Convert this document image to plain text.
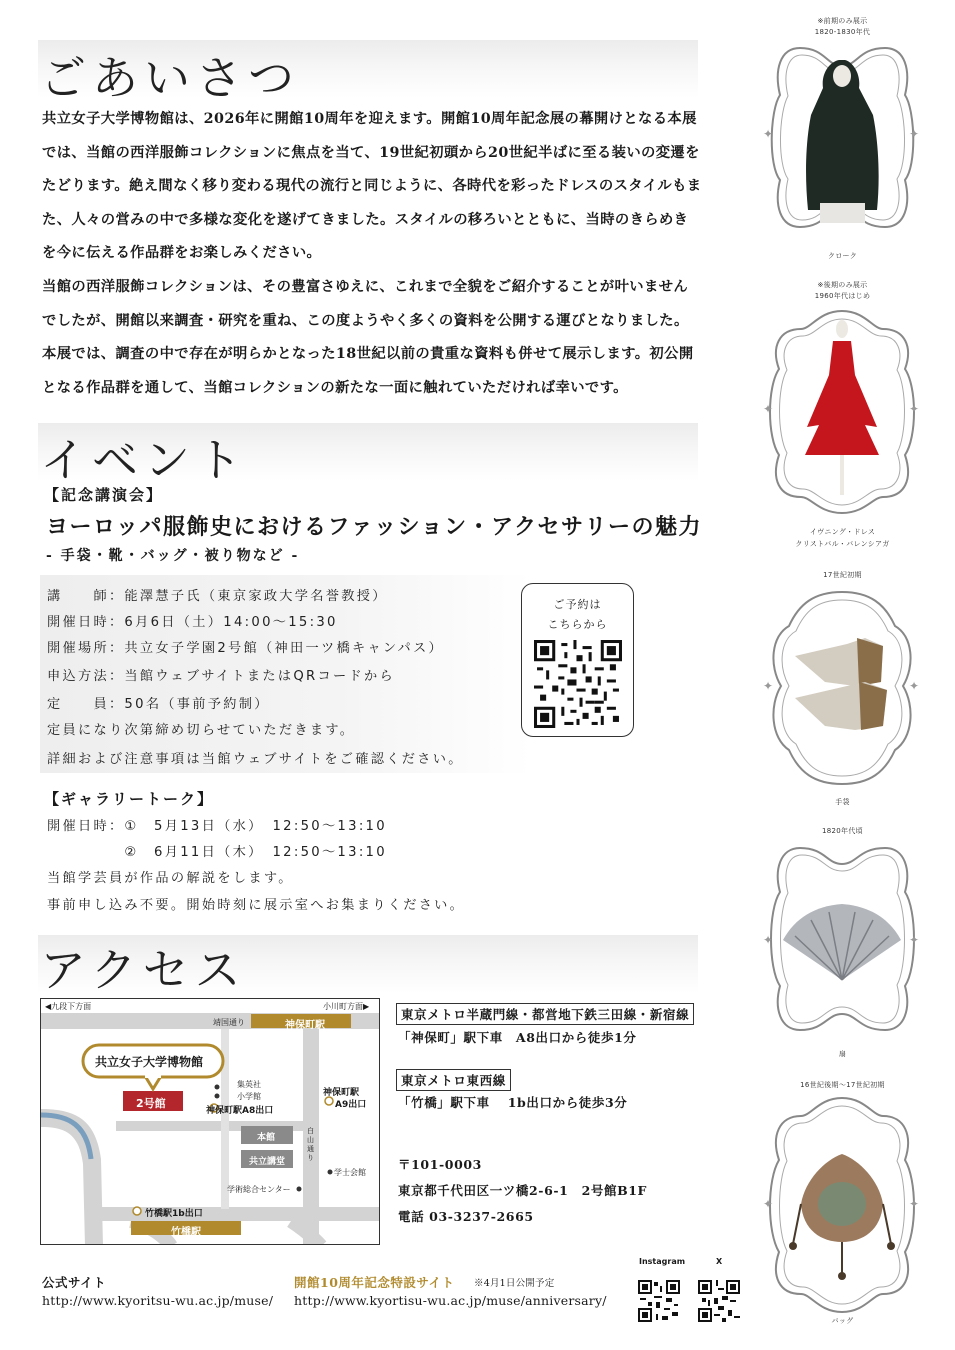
ごあいさつ
共立女子大学博物館は、2026年に開館10周年を迎えます。開館10周年記念展の幕開けとなる本展では、当館の西洋服飾コレクションに焦点を当て、19世紀初頭から20世紀半ばに至る装いの変遷をたどります。絶え間なく移り変わる現代の流行と同じように、各時代を彩ったドレスのスタイルもまた、人々の営みの中で多様な変化を遂げてきました。スタイルの移ろいとともに、当時のきらめきを今に伝える作品群をお楽しみください。
当館の西洋服飾コレクションは、その豊富さゆえに、これまで全貌をご紹介することが叶いませんでしたが、開館以来調査・研究を重ね、この度ようやく多くの資料を公開する運びとなりました。本展では、調査の中で存在が明らかとなった18世紀以前の貴重な資料も併せて展示します。初公開となる作品群を通して、当館コレクションの新たな一面に触れていただければ幸いです。
イベント
【記念講演会】
ヨーロッパ服飾史におけるファッション・アクセサリーの魅力
- 手袋・靴・バッグ・被り物など -
講　　師：能澤慧子氏（東京家政大学名誉教授）
開催日時：6月6日（土）14:00〜15:30
開催場所：共立女子学園2号館（神田一ツ橋キャンパス）
申込方法：当館ウェブサイトまたはQRコードから
定　　員：50名（事前予約制）
定員になり次第締め切らせていただきます。
詳細および注意事項は当館ウェブサイトをご確認ください。
ご予約は
こちらから
【ギャラリートーク】
開催日時：①　5月13日（水）　12:50〜13:10
　　　　　②　6月11日（木）　12:50〜13:10
当館学芸員が作品の解説をします。
事前申し込み不要。開始時刻に展示室へお集まりください。
アクセス
◀九段下方面	小川町方面▶
靖国通り	神保町駅
共立女子大学博物館
2号館
集英社
小学館
神保町駅A8出口
神保町駅
A9出口
白山通り
本館
共立講堂
学士会館
学術総合センター
竹橋駅1b出口
竹橋駅
東京メトロ半蔵門線・都営地下鉄三田線・新宿線
「神保町」駅下車　A8出口から徒歩1分
東京メトロ東西線
「竹橋」駅下車　 1b出口から徒歩3分
〒101-0003
東京都千代田区一ツ橋2-6-1　2号館B1F
電話 03-3237-2665
公式サイト
http://www.kyoritsu-wu.ac.jp/muse/
開館10周年記念特設サイト ※4月1日公開予定
http://www.kyortisu-wu.ac.jp/muse/anniversary/
Instagram	X
※前期のみ展示
1820-1830年代
✦	✦
クローク
※後期のみ展示
1960年代はじめ
✦	✦
イヴニング・ドレス
クリストバル・バレンシアガ
17世紀初期
✦	✦
手袋
1820年代頃
✦	✦
扇
16世紀後期〜17世紀初期
✦	✦
バッグ
